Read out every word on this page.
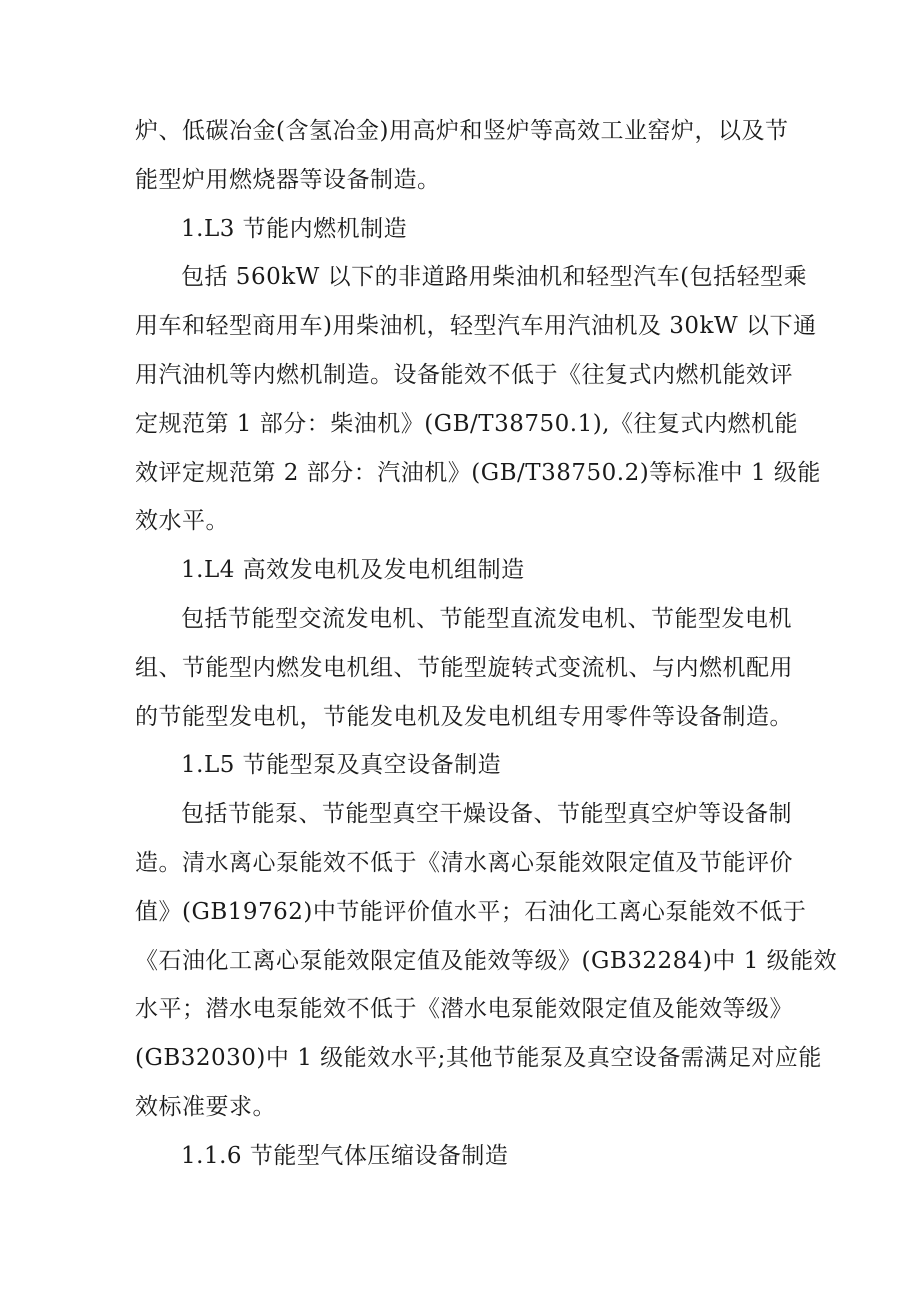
炉、低碳冶金(含氢冶金)用高炉和竖炉等高效工业窑炉，以及节
能型炉用燃烧器等设备制造。
1.L3 节能内燃机制造
包括 560kW 以下的非道路用柴油机和轻型汽车(包括轻型乘
用车和轻型商用车)用柴油机，轻型汽车用汽油机及 30kW 以下通
用汽油机等内燃机制造。设备能效不低于《往复式内燃机能效评
定规范第 1 部分：柴油机》(GB/T38750.1),《往复式内燃机能
效评定规范第 2 部分：汽油机》(GB/T38750.2)等标准中 1 级能
效水平。
1.L4 高效发电机及发电机组制造
包括节能型交流发电机、节能型直流发电机、节能型发电机
组、节能型内燃发电机组、节能型旋转式变流机、与内燃机配用
的节能型发电机，节能发电机及发电机组专用零件等设备制造。
1.L5 节能型泵及真空设备制造
包括节能泵、节能型真空干燥设备、节能型真空炉等设备制
造。清水离心泵能效不低于《清水离心泵能效限定值及节能评价
值》(GB19762)中节能评价值水平；石油化工离心泵能效不低于
《石油化工离心泵能效限定值及能效等级》(GB32284)中 1 级能效
水平；潜水电泵能效不低于《潜水电泵能效限定值及能效等级》
(GB32030)中 1 级能效水平;其他节能泵及真空设备需满足对应能
效标准要求。
1.1.6 节能型气体压缩设备制造
